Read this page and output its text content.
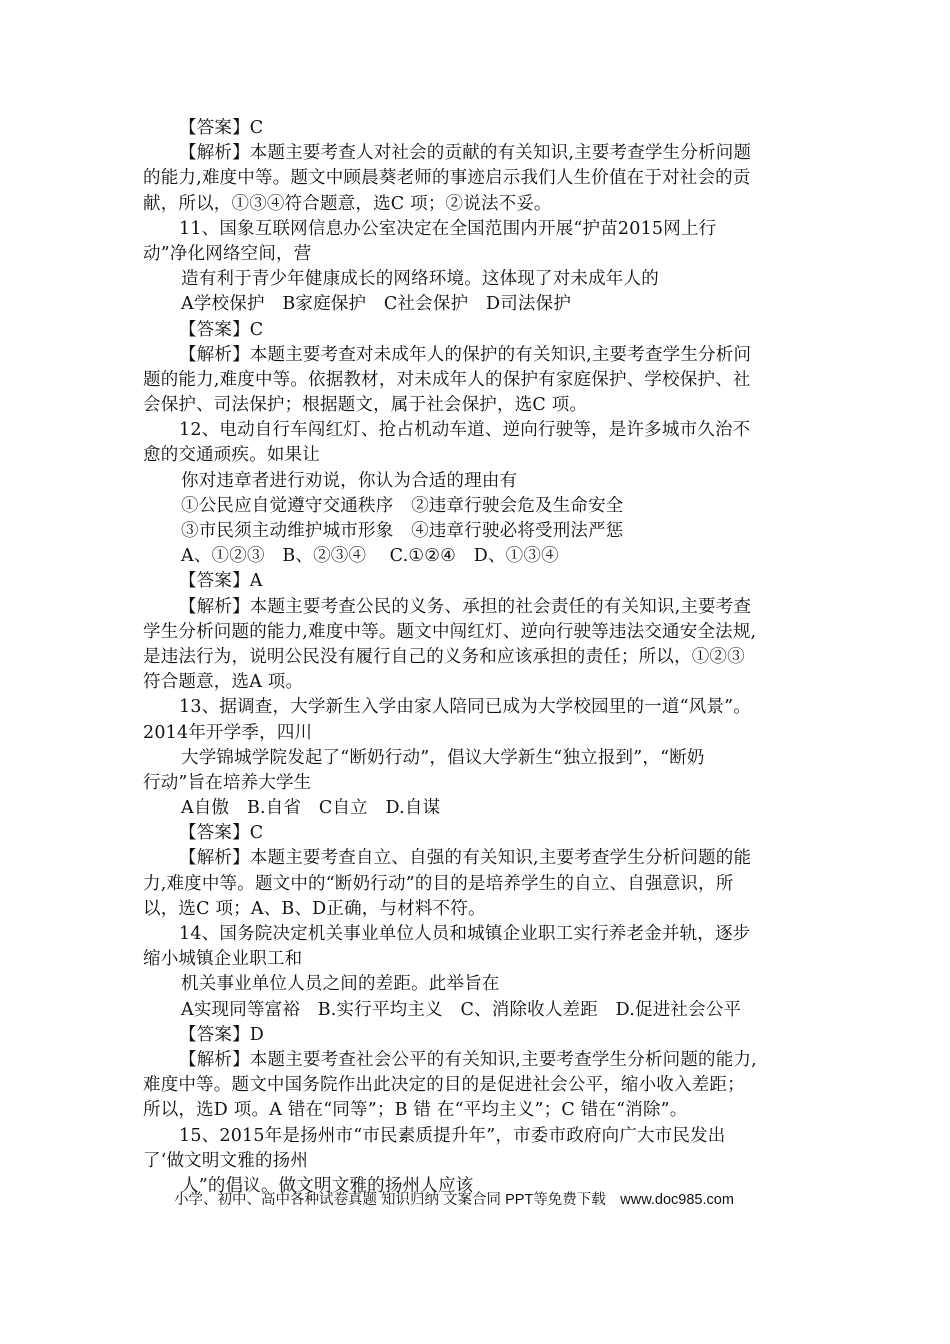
【答案】C
【解析】本题主要考查人对社会的贡献的有关知识,主要考查学生分析问题
的能力,难度中等。题文中顾晨葵老师的事迹启示我们人生价值在于对社会的贡
献，所以，①③④符合题意，选C 项；②说法不妥。
11、国象互联网信息办公室决定在全国范围内开展“护苗2015网上行
动”净化网络空间，营
造有利于青少年健康成长的网络环境。这体现了对未成年人的
A学校保护　B家庭保护　C社会保护　D司法保护
【答案】C
【解析】本题主要考查对未成年人的保护的有关知识,主要考查学生分析问
题的能力,难度中等。依据教材，对未成年人的保护有家庭保护、学校保护、社
会保护、司法保护；根据题文，属于社会保护，选C 项。
12、电动自行车闯红灯、抢占机动车道、逆向行驶等，是许多城市久治不
愈的交通顽疾。如果让
你对违章者进行劝说，你认为合适的理由有
①公民应自觉遵守交通秩序　②违章行驶会危及生命安全
③市民须主动维护城市形象　④违章行驶必将受刑法严惩
A、①②③　B、②③④　 C.①②④　D、①③④
【答案】A
【解析】本题主要考查公民的义务、承担的社会责任的有关知识,主要考查
学生分析问题的能力,难度中等。题文中闯红灯、逆向行驶等违法交通安全法规,
是违法行为，说明公民没有履行自己的义务和应该承担的责任；所以，①②③
符合题意，选A 项。
13、据调查，大学新生入学由家人陪同已成为大学校园里的一道“风景”。
2014年开学季，四川
大学锦城学院发起了“断奶行动”，倡议大学新生“独立报到”，“断奶
行动”旨在培养大学生
A自傲　B.自省　C自立　D.自谋
【答案】C
【解析】本题主要考查自立、自强的有关知识,主要考查学生分析问题的能
力,难度中等。题文中的“断奶行动”的目的是培养学生的自立、自强意识，所
以，选C 项；A、B、D正确，与材料不符。
14、国务院决定机关事业单位人员和城镇企业职工实行养老金并轨，逐步
缩小城镇企业职工和
机关事业单位人员之间的差距。此举旨在
A实现同等富裕　B.实行平均主义　C、消除收人差距　D.促进社会公平
【答案】D
【解析】本题主要考查社会公平的有关知识,主要考查学生分析问题的能力,
难度中等。题文中国务院作出此决定的目的是促进社会公平，缩小收入差距；
所以，选D 项。A 错在“同等”；B 错 在“平均主义”；C 错在“消除”。
15、2015年是扬州市“市民素质提升年”，市委市政府向广大市民发出
了‘做文明文雅的扬州
人”的倡议。做文明文雅的扬州人应该
小学、初中、高中各种试卷真题 知识归纳 文案合同 PPT等免费下载　www.doc985.com
